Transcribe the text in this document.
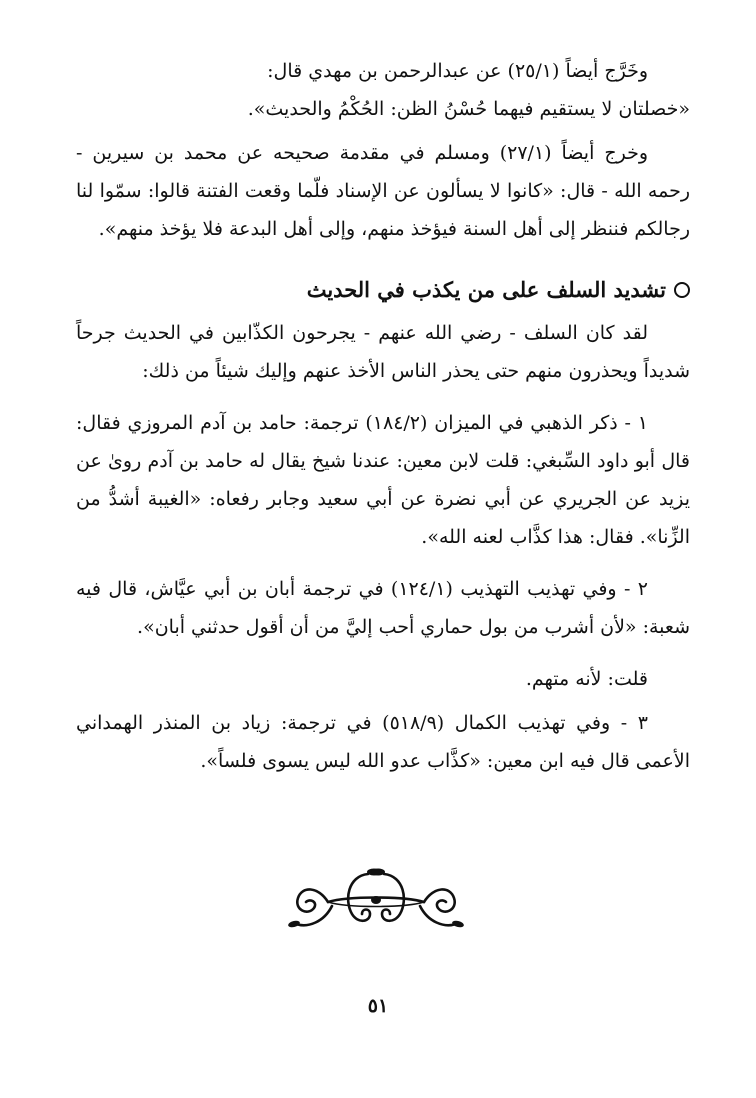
وخَرَّج أيضاً (٢٥/١) عن عبدالرحمن بن مهدي قال:

«خصلتان لا يستقيم فيهما حُسْنُ الظن: الحُكْمُ والحديث».

وخرج أيضاً (٢٧/١) ومسلم في مقدمة صحيحه عن محمد بن سيرين - رحمه الله - قال: «كانوا لا يسألون عن الإسناد فلّما وقعت الفتنة قالوا: سمّوا لنا رجالكم فننظر إلى أهل السنة فيؤخذ منهم، وإلى أهل البدعة فلا يؤخذ منهم».

تشديد السلف على من يكذب في الحديث

لقد كان السلف - رضي الله عنهم - يجرحون الكذّابين في الحديث جرحاً شديداً ويحذرون منهم حتى يحذر الناس الأخذ عنهم وإليك شيئاً من ذلك:

١ - ذكر الذهبي في الميزان (١٨٤/٢) ترجمة: حامد بن آدم المروزي فقال: قال أبو داود السِّبغي: قلت لابن معين: عندنا شيخ يقال له حامد بن آدم روىٰ عن يزيد عن الجريري عن أبي نضرة عن أبي سعيد وجابر رفعاه: «الغيبة أشدُّ من الزِّنا». فقال: هذا كذَّاب لعنه الله».

٢ - وفي تهذيب التهذيب (١٢٤/١) في ترجمة أبان بن أبي عيَّاش، قال فيه شعبة: «لأن أشرب من بول حماري أحب إليَّ من أن أقول حدثني أبان».

قلت: لأنه متهم.

٣ - وفي تهذيب الكمال (٥١٨/٩) في ترجمة: زياد بن المنذر الهمداني الأعمى قال فيه ابن معين: «كذَّاب عدو الله ليس يسوى فلساً».

٥١
